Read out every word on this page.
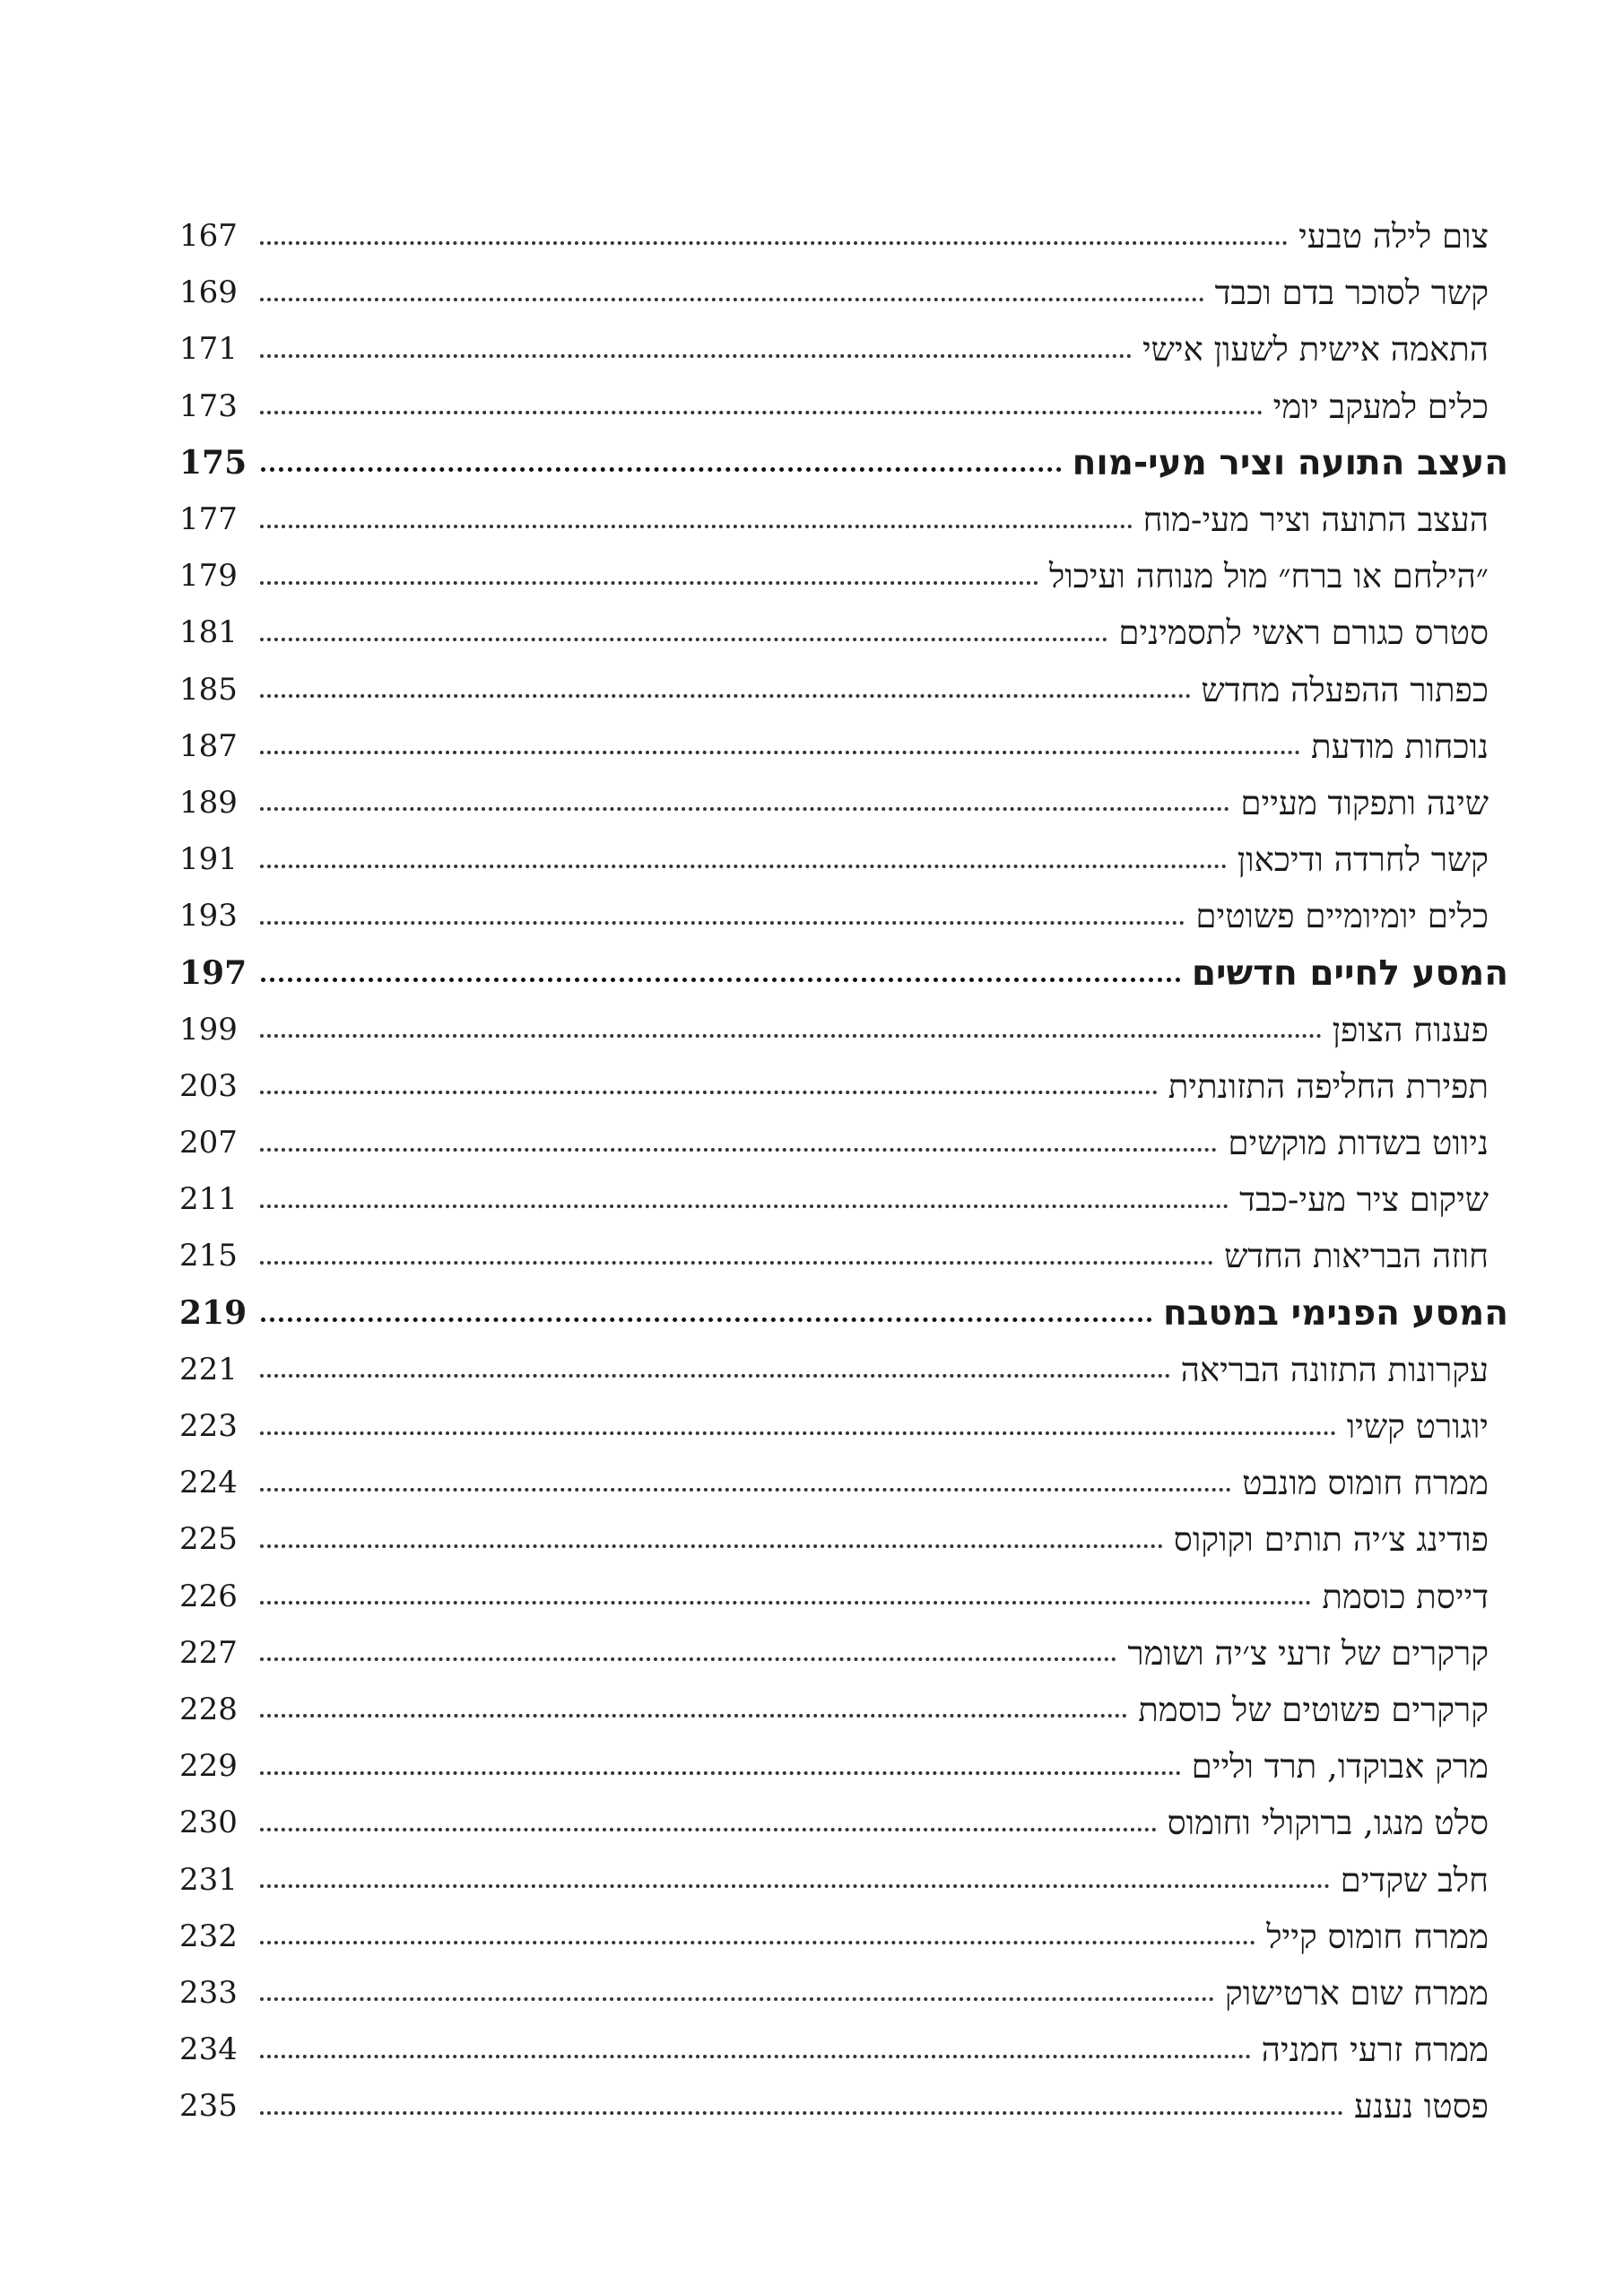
צום לילה טבעי
167
קשר לסוכר בדם וכבד
169
התאמה אישית לשעון אישי
171
כלים למעקב יומי
173
העצב התועה וציר מעי-מוח
175
העצב התועה וציר מעי-מוח
177
״הילחם או ברח״ מול מנוחה ועיכול
179
סטרס כגורם ראשי לתסמינים
181
כפתור ההפעלה מחדש
185
נוכחות מודעת
187
שינה ותפקוד מעיים
189
קשר לחרדה ודיכאון
191
כלים יומיומיים פשוטים
193
המסע לחיים חדשים
197
פענוח הצופן
199
תפירת החליפה התזונתית
203
ניווט בשדות מוקשים
207
שיקום ציר מעי-כבד
211
חוזה הבריאות החדש
215
המסע הפנימי במטבח
219
עקרונות התזונה הבריאה
221
יוגורט קשיו
223
ממרח חומוס מונבט
224
פודינג צ׳יה תותים וקוקוס
225
דייסת כוסמת
226
קרקרים של זרעי צ׳יה ושומר
227
קרקרים פשוטים של כוסמת
228
מרק אבוקדו, תרד וליים
229
סלט מנגו, ברוקולי וחומוס
230
חלב שקדים
231
ממרח חומוס קייל
232
ממרח שום ארטישוק
233
ממרח זרעי חמניה
234
פסטו נענע
235
